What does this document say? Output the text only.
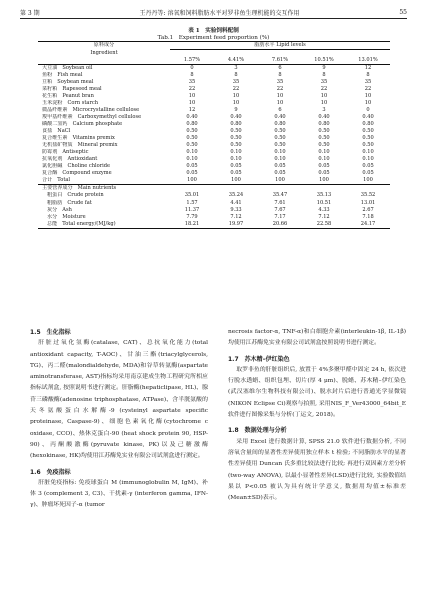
第 3 期	王丹丹等: 溶氧和饲料脂肪水平对罗非鱼生理机能的交互作用	55
表 1　实验饲料配制
Tab.1　Experiment feed proportion (%)
原料成分	脂肪水平 Lipid levels				
Ingredient					
	1.57%	4.41%	7.61%	10.51%	13.01%
大豆油　Soybean oil	0	3	6	9	12
鱼粉　Fish meal	8	8	8	8	8
豆粕　Soybean meal	35	35	35	35	35
菜籽粕　Rapeseed meal	22	22	22	22	22
花生粕　Peanut bran	10	10	10	10	10
玉米淀粉　Corn starch	10	10	10	10	10
微晶纤维素　Microcrystalline cellulose	12	9	6	3	0
羧甲基纤维素　Carboxymethyl cellulose	0.40	0.40	0.40	0.40	0.40
磷酸二氢钙　Calcium phosphate	0.80	0.80	0.80	0.80	0.80
食盐　NaCl	0.50	0.50	0.50	0.50	0.50
复合维生素　Vitamins premix	0.50	0.50	0.50	0.50	0.50
无机盐矿物质　Mineral premix	0.50	0.50	0.50	0.50	0.50
防霉剂　Antiseptic	0.10	0.10	0.10	0.10	0.10
抗氧化剂　Antioxidant	0.10	0.10	0.10	0.10	0.10
氯化胆碱　Choline chloride	0.05	0.05	0.05	0.05	0.05
复合酶　Compound enzyme	0.05	0.05	0.05	0.05	0.05
合计　Total	100	100	100	100	100
主要营养成分　Main nutrients					
粗蛋白　Crude protein	35.01	35.24	35.47	35.13	35.52
粗脂肪　Crude fat	1.57	4.41	7.61	10.51	13.01
灰分　Ash	11.37	9.33	7.67	4.33	2.67
水分　Moisture	7.79	7.12	7.17	7.12	7.18
总能　Total energy/(MJ/kg)	18.21	19.97	20.66	22.58	24.17

1.5　生化指标

肝脏过氧化氢酶(catalase, CAT)、总抗氧化能力(total antioxidant capacity, T-AOC)、甘油三酯(triacylglycerols, TG)、丙二醛(malondialdehyde, MDA)和谷草转氨酶(aspartate aminotransferase, AST)指标均采用南京建成生物工程研究所相应指标试剂盒, 按照说明书进行测定。肝脂酶(hepaticlipase, HL)、腺苷三磷酸酶(adenosine triphosphatase, ATPase)、含半胱氨酸的天冬氨酸蛋白水解酶-9 (cysteinyl aspartate specific proteinase, Caspase-9)、细胞色素氧化酶(cytochrome c oxidase, CCO)、热休克蛋白-90 (heat shock protein 90, HSP-90)、丙酮酸激酶(pyruvate kinase, PK)以及己糖激酶(hexokinase, HK)均使用江苏酶免实业有限公司试剂盒进行测定。

1.6　免疫指标

肝脏免疫指标: 免疫球蛋白 M (immunoglobulin M, IgM)、补体 3 (complement 3, C3)、干扰素-γ (interferon gamma, IFN-γ)、肿瘤坏死因子-α (tumor

necrosis factor-α, TNF-α)和白细胞介素(interleukin-1β, IL-1β)均使用江苏酶免实业有限公司试剂盒按照说明书进行测定。

1.7　苏木精–伊红染色

取罗非鱼的肝脏组织后, 放置于 4%多聚甲醛中固定 24 h, 依次进行脱水透蜡、组织包埋、切片(厚 4 μm)、脱蜡、苏木精–伊红染色(武汉塞维尔生物科技有限公司)、脱水封片后进行普通光学显微镜(NIKON Eclipse Ci)观察与拍照, 采用NIS_F_Ver43000_64bit_E 软件进行图像采集与分析(丁运文, 2018)。

1.8　数据处理与分析

采用 Excel 进行数据计算, SPSS 21.0 软件进行数据分析, 不同溶氧含量间的显著性差异使用独立样本 t 检验; 不同脂肪水平的显著性差异使用 Duncan 氏多重比较法进行比较; 再进行双因素方差分析(two-way ANOVA), 以最小显著性差异(LSD)进行比较, 实验数值结果以 P<0.05 被认为具有统计学意义, 数据用均值±标准差(Mean±SD)表示。
